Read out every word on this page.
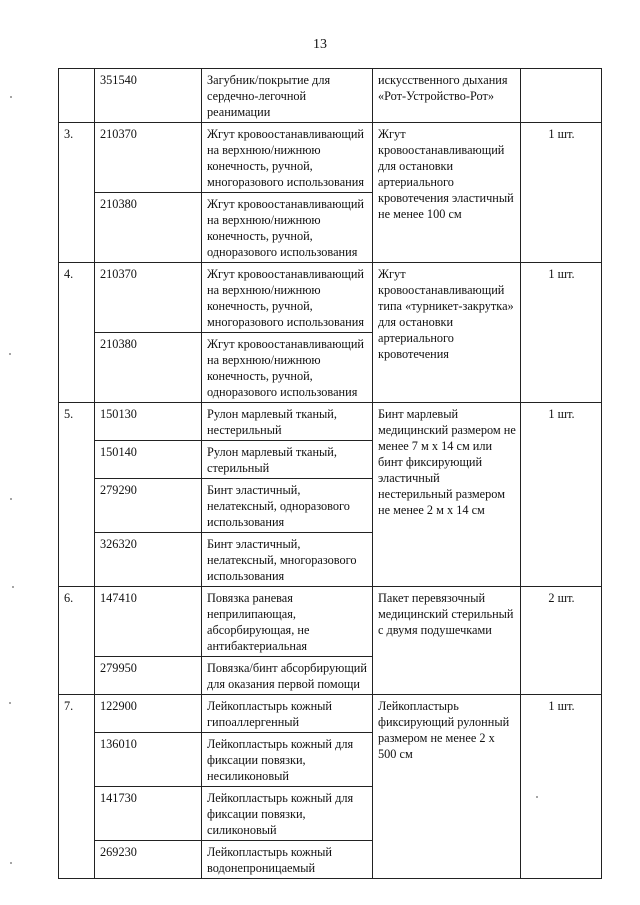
13
	351540	Загубник/покрытие для сердечно-легочной реанимации	искусственного дыхания «Рот-Устройство-Рот»	
3.	210370	Жгут кровоостанавливающий на верхнюю/нижнюю конечность, ручной, многоразового использования	Жгут кровоостанавливающий для остановки артериального кровотечения эластичный не менее 100 см	1 шт.
	210380	Жгут кровоостанавливающий на верхнюю/нижнюю конечность, ручной, одноразового использования		
4.	210370	Жгут кровоостанавливающий на верхнюю/нижнюю конечность, ручной, многоразового использования	Жгут кровоостанавливающий типа «турникет-закрутка» для остановки артериального кровотечения	1 шт.
	210380	Жгут кровоостанавливающий на верхнюю/нижнюю конечность, ручной, одноразового использования		
5.	150130	Рулон марлевый тканый, нестерильный	Бинт марлевый медицинский размером не менее 7 м х 14 см или бинт фиксирующий эластичный нестерильный размером не менее 2 м х 14 см	1 шт.
	150140	Рулон марлевый тканый, стерильный		
	279290	Бинт эластичный, нелатексный, одноразового использования		
	326320	Бинт эластичный, нелатексный, многоразового использования		
6.	147410	Повязка раневая неприлипающая, абсорбирующая, не антибактериальная	Пакет перевязочный медицинский стерильный с двумя подушечками	2 шт.
	279950	Повязка/бинт абсорбирующий для оказания первой помощи		
7.	122900	Лейкопластырь кожный гипоаллергенный	Лейкопластырь фиксирующий рулонный размером не менее 2 х 500 см	1 шт.
	136010	Лейкопластырь кожный для фиксации повязки, несиликоновый		
	141730	Лейкопластырь кожный для фиксации повязки, силиконовый		
	269230	Лейкопластырь кожный водонепроницаемый		
